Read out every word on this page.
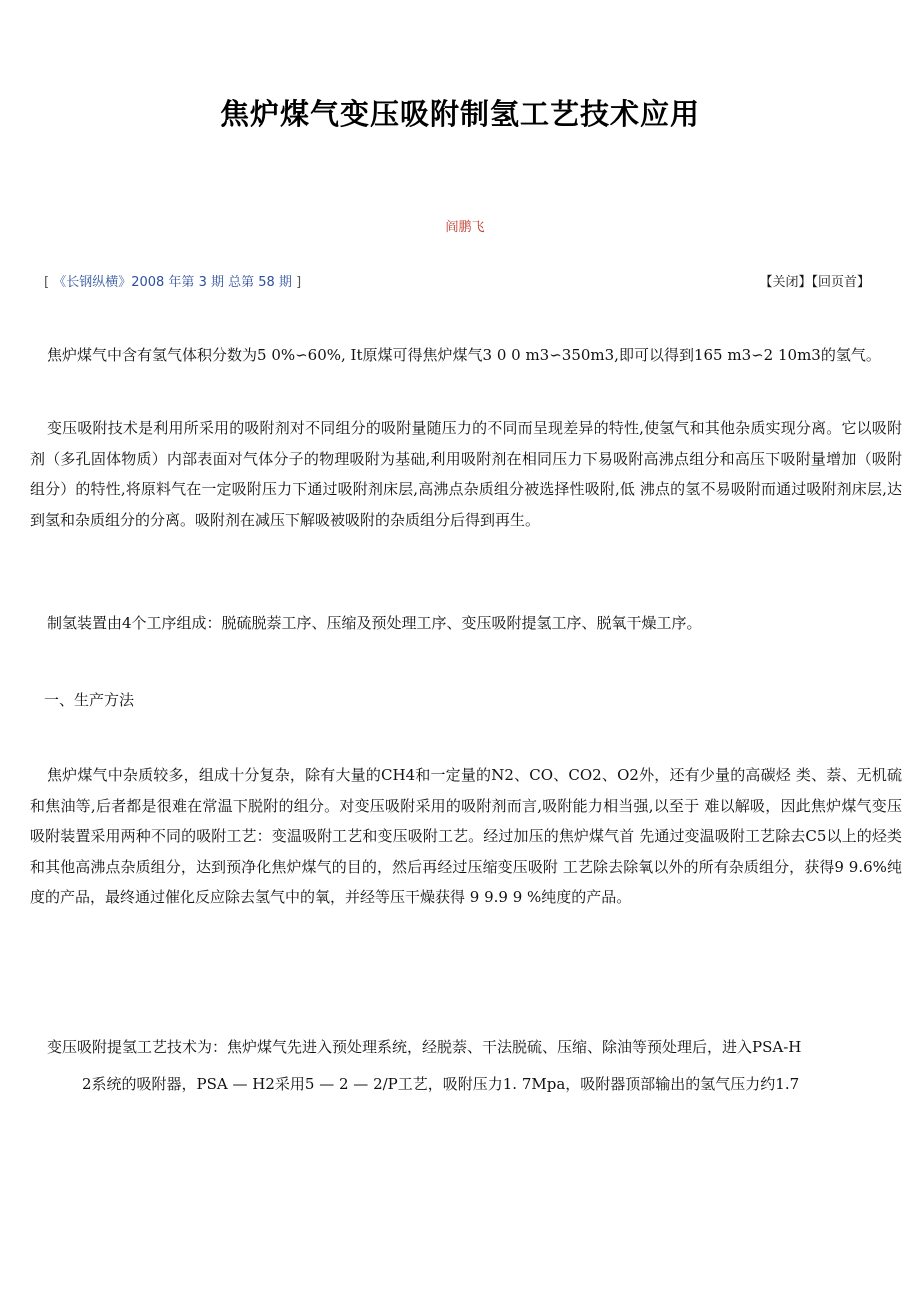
焦炉煤气变压吸附制氢工艺技术应用
阎鹏飞
[ 《长钢纵横》2008 年第 3 期 总第 58 期 ]	【关闭】【回页首】

焦炉煤气中含有氢气体积分数为5 0%∽60%, It原煤可得焦炉煤气3 0 0 m3∽350m3,即可以得到165 m3∽2 10m3的氢气。

变压吸附技术是利用所采用的吸附剂对不同组分的吸附量随压力的不同而呈现差异的特性,使氢气和其他杂质实现分离。它以吸附剂（多孔固体物质）内部表面对气体分子的物理吸附为基础,利用吸附剂在相同压力下易吸附高沸点组分和高压下吸附量增加（吸附组分）的特性,将原料气在一定吸附压力下通过吸附剂床层,高沸点杂质组分被选择性吸附,低 沸点的氢不易吸附而通过吸附剂床层,达到氢和杂质组分的分离。吸附剂在减压下解吸被吸附的杂质组分后得到再生。

制氢装置由4个工序组成：脱硫脱萘工序、压缩及预处理工序、变压吸附提氢工序、脱氧干燥工序。

一、生产方法

焦炉煤气中杂质较多，组成十分复杂，除有大量的CH4和一定量的N2、CO、CO2、O2外，还有少量的高碳烃 类、萘、无机硫和焦油等,后者都是很难在常温下脱附的组分。对变压吸附采用的吸附剂而言,吸附能力相当强,以至于 难以解吸，因此焦炉煤气变压吸附装置采用两种不同的吸附工艺：变温吸附工艺和变压吸附工艺。经过加压的焦炉煤气首 先通过变温吸附工艺除去C5以上的烃类和其他高沸点杂质组分，达到预净化焦炉煤气的目的，然后再经过压缩变压吸附 工艺除去除氧以外的所有杂质组分，获得9 9.6%纯度的产品，最终通过催化反应除去氢气中的氧，并经等压干燥获得 9 9.9 9 %纯度的产品。

变压吸附提氢工艺技术为：焦炉煤气先进入预处理系统，经脱萘、干法脱硫、压缩、除油等预处理后，进入PSA-H
2系统的吸附器，PSA — H2采用5 — 2 — 2/P工艺，吸附压力1. 7Mpa，吸附器顶部输出的氢气压力约1.7
